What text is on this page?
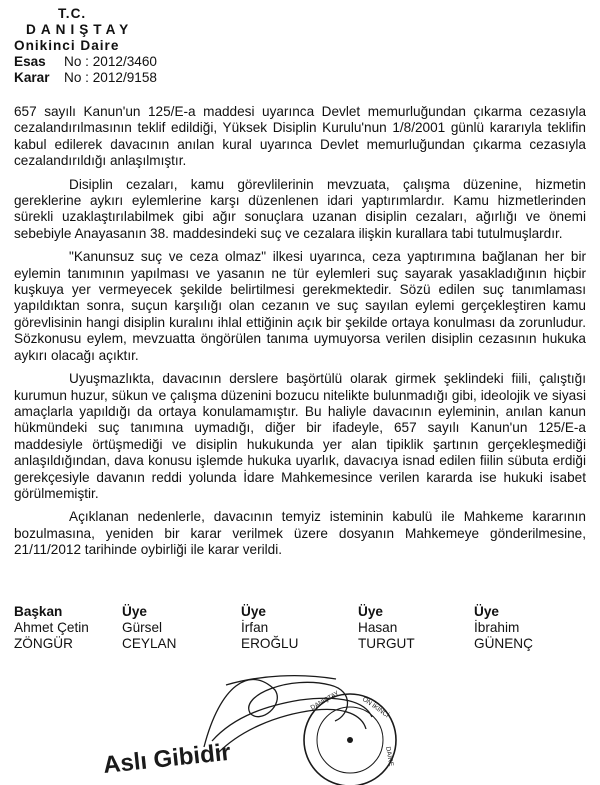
T.C.
DANIŞTAY
Onikinci Daire
Esas No : 2012/3460
Karar No : 2012/9158

657 sayılı Kanun'un 125/E-a maddesi uyarınca Devlet memurluğundan çıkarma cezasıyla cezalandırılmasının teklif edildiği, Yüksek Disiplin Kurulu'nun 1/8/2001 günlü kararıyla teklifin kabul edilerek davacının anılan kural uyarınca Devlet memurluğundan çıkarma cezasıyla cezalandırıldığı anlaşılmıştır.

Disiplin cezaları, kamu görevlilerinin mevzuata, çalışma düzenine, hizmetin gereklerine aykırı eylemlerine karşı düzenlenen idari yaptırımlardır. Kamu hizmetlerinden sürekli uzaklaştırılabilmek gibi ağır sonuçlara uzanan disiplin cezaları, ağırlığı ve önemi sebebiyle Anayasanın 38. maddesindeki suç ve cezalara ilişkin kurallara tabi tutulmuşlardır.

"Kanunsuz suç ve ceza olmaz" ilkesi uyarınca, ceza yaptırımına bağlanan her bir eylemin tanımının yapılması ve yasanın ne tür eylemleri suç sayarak yasakladığının hiçbir kuşkuya yer vermeyecek şekilde belirtilmesi gerekmektedir. Sözü edilen suç tanımlaması yapıldıktan sonra, suçun karşılığı olan cezanın ve suç sayılan eylemi gerçekleştiren kamu görevlisinin hangi disiplin kuralını ihlal ettiğinin açık bir şekilde ortaya konulması da zorunludur. Sözkonusu eylem, mevzuatta öngörülen tanıma uymuyorsa verilen disiplin cezasının hukuka aykırı olacağı açıktır.

Uyuşmazlıkta, davacının derslere başörtülü olarak girmek şeklindeki fiili, çalıştığı kurumun huzur, sükun ve çalışma düzenini bozucu nitelikte bulunmadığı gibi, ideolojik ve siyasi amaçlarla yapıldığı da ortaya konulamamıştır. Bu haliyle davacının eyleminin, anılan kanun hükmündeki suç tanımına uymadığı, diğer bir ifadeyle, 657 sayılı Kanun'un 125/E-a maddesiyle örtüşmediği ve disiplin hukukunda yer alan tipiklik şartının gerçekleşmediği anlaşıldığından, dava konusu işlemde hukuka uyarlık, davacıya isnad edilen fiilin sübuta erdiği gerekçesiyle davanın reddi yolunda İdare Mahkemesince verilen kararda ise hukuki isabet görülmemiştir.

Açıklanan nedenlerle, davacının temyiz isteminin kabulü ile Mahkeme kararının bozulmasına, yeniden bir karar verilmek üzere dosyanın Mahkemeye gönderilmesine, 21/11/2012 tarihinde oybirliği ile karar verildi.

Başkan
Ahmet Çetin
ZÖNGÜR
Üye
Gürsel
CEYLAN
Üye
İrfan
EROĞLU
Üye
Hasan
TURGUT
Üye
İbrahim
GÜNENÇ
DANIŞTAY	ON İKİNCİ
DAİRE
Aslı Gibidir
